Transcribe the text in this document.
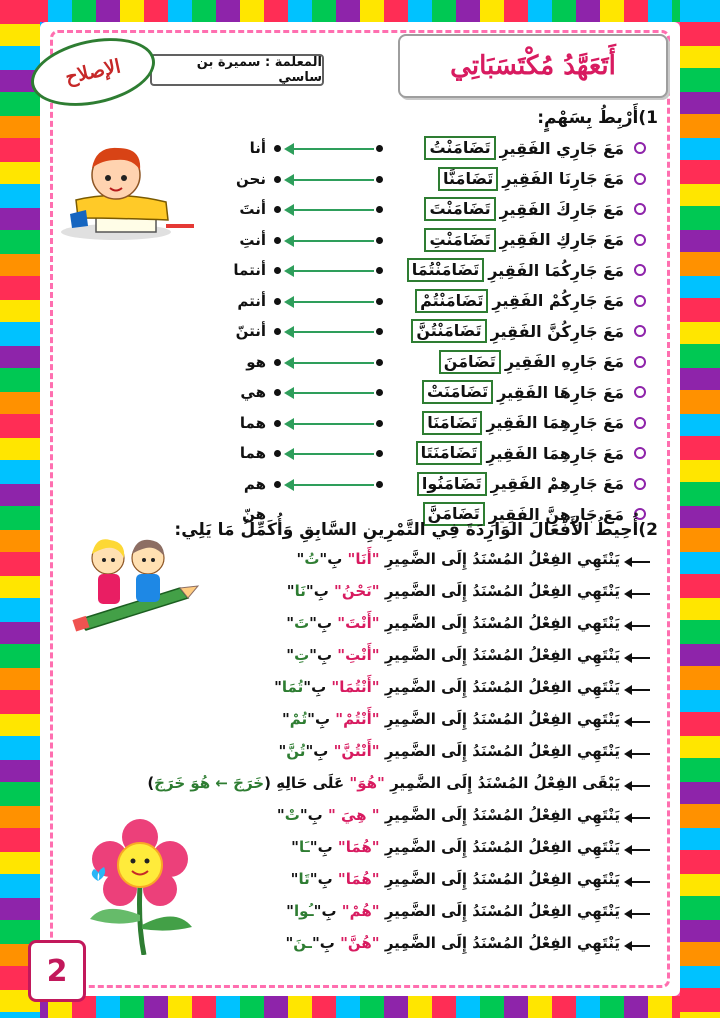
أَتَعَهَّدُ مُكْتَسَبَاتِي
المعلمة : سميرة بن ساسي
الإصلاح
1)أَرْبِطُ بِسَهْمٍ:
تَضَامَنْتُ مَعَ جَارِي الفَقِيرِ
أنا
تَضَامَنَّا مَعَ جَارِنَا الفَقِيرِ
نحن
تَضَامَنْتَ مَعَ جَارِكَ الفَقِيرِ
أنتَ
تَضَامَنْتِ مَعَ جَارِكِ الفَقِيرِ
أنتِ
تَضَامَنْتُمَا مَعَ جَارِكُمَا الفَقِيرِ
أنتما
تَضَامَنْتُمْ مَعَ جَارِكُمْ الفَقِيرِ
أنتم
تَضَامَنْتُنَّ مَعَ جَارِكُنَّ الفَقِيرِ
أنتنّ
تَضَامَنَ مَعَ جَارِهِ الفَقِيرِ
هو
تَضَامَنَتْ مَعَ جَارِهَا الفَقِيرِ
هي
تَضَامَنَا مَعَ جَارِهِمَا الفَقِيرِ
هما
تَضَامَنَتَا مَعَ جَارِهِمَا الفَقِيرِ
هما
تَضَامَنُوا مَعَ جَارِهِمْ الفَقِيرِ
هم
تَضَامَنَّ مَعَ جَارِهِنَّ الفَقِيرِ
هنّ
2)أُحِيطُ الأَفْعَالَ الوَارِدَةَ فِي التَّمْرِينِ السَّابِقِ وَأُكَمِّلُ مَا يَلِي:
يَنْتَهِي الفِعْلُ المُسْنَدُ إِلَى الضَّمِيرِ "أَنَا" بِ"تُ"
يَنْتَهِي الفِعْلُ المُسْنَدُ إِلَى الضَّمِيرِ "نَحْنُ" بِ"نَا"
يَنْتَهِي الفِعْلُ المُسْنَدُ إِلَى الضَّمِيرِ "أَنْتَ" بِ"تَ"
يَنْتَهِي الفِعْلُ المُسْنَدُ إِلَى الضَّمِيرِ "أَنْتِ" بِ"تِ"
يَنْتَهِي الفِعْلُ المُسْنَدُ إِلَى الضَّمِيرِ "أَنْتُمَا" بِ"تُمَا"
يَنْتَهِي الفِعْلُ المُسْنَدُ إِلَى الضَّمِيرِ "أَنْتُمْ" بِ"تُمْ"
يَنْتَهِي الفِعْلُ المُسْنَدُ إِلَى الضَّمِيرِ "أَنْتُنَّ" بِ"تُنَّ"
يَبْقَى الفِعْلُ المُسْنَدُ إِلَى الضَّمِيرِ "هُوَ" عَلَى حَالِهِ (خَرَجَ ← هُوَ خَرَجَ)
يَنْتَهِي الفِعْلُ المُسْنَدُ إِلَى الضَّمِيرِ " هِيَ " بِ"تْ"
يَنْتَهِي الفِعْلُ المُسْنَدُ إِلَى الضَّمِيرِ "هُمَا" بِ"ـَا"
يَنْتَهِي الفِعْلُ المُسْنَدُ إِلَى الضَّمِيرِ "هُمَا" بِ"تَا"
يَنْتَهِي الفِعْلُ المُسْنَدُ إِلَى الضَّمِيرِ "هُمْ" بِ"ـُوا"
يَنْتَهِي الفِعْلُ المُسْنَدُ إِلَى الضَّمِيرِ "هُنَّ" بِ"ـنَ"
2
